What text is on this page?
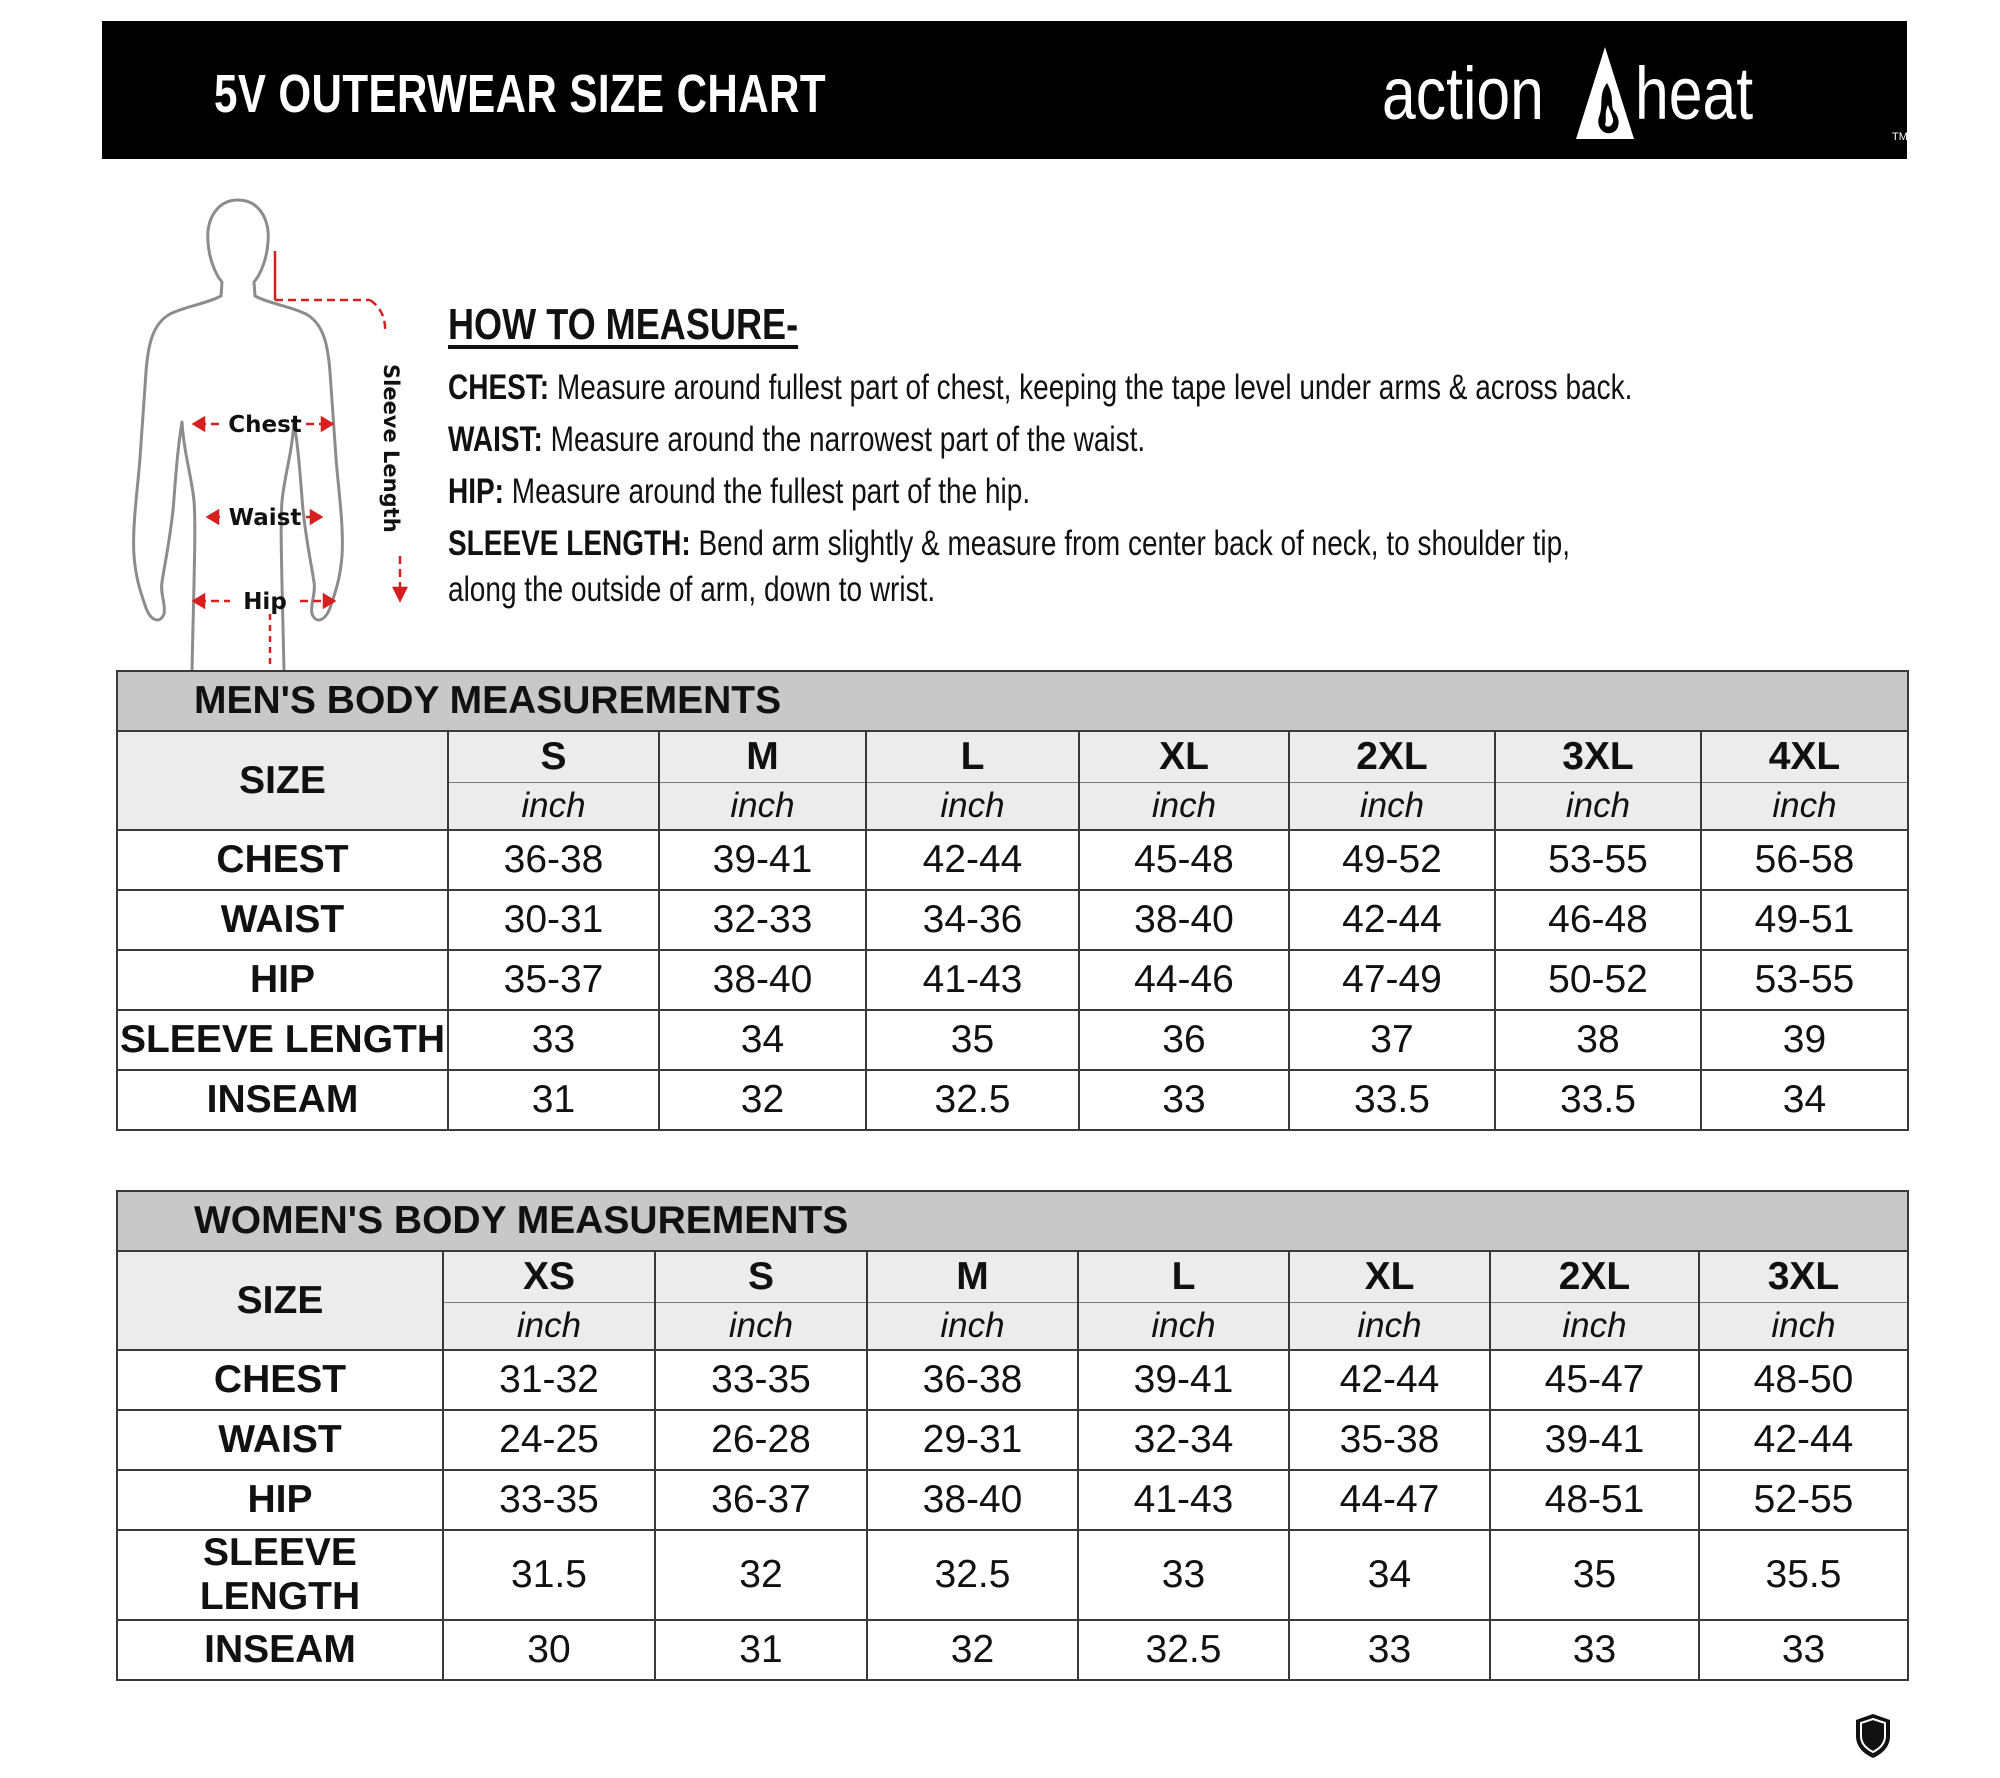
5V OUTERWEAR SIZE CHART	action heat
TM
Chest
Waist
Hip
Sleeve Length
HOW TO MEASURE-
CHEST: Measure around fullest part of chest, keeping the tape level under arms & across back.
WAIST: Measure around the narrowest part of the waist.
HIP: Measure around the fullest part of the hip.
SLEEVE LENGTH: Bend arm slightly & measure from center back of neck, to shoulder tip,
along the outside of arm, down to wrist.
MEN'S BODY MEASUREMENTS							
SIZE	S	M	L	XL	2XL	3XL	4XL
	inch	inch	inch	inch	inch	inch	inch
CHEST	36-38	39-41	42-44	45-48	49-52	53-55	56-58
WAIST	30-31	32-33	34-36	38-40	42-44	46-48	49-51
HIP	35-37	38-40	41-43	44-46	47-49	50-52	53-55
SLEEVE LENGTH	33	34	35	36	37	38	39
INSEAM	31	32	32.5	33	33.5	33.5	34
WOMEN'S BODY MEASUREMENTS							
SIZE	XS	S	M	L	XL	2XL	3XL
	inch	inch	inch	inch	inch	inch	inch
CHEST	31-32	33-35	36-38	39-41	42-44	45-47	48-50
WAIST	24-25	26-28	29-31	32-34	35-38	39-41	42-44
HIP	33-35	36-37	38-40	41-43	44-47	48-51	52-55
SLEEVE LENGTH	31.5	32	32.5	33	34	35	35.5
INSEAM	30	31	32	32.5	33	33	33
